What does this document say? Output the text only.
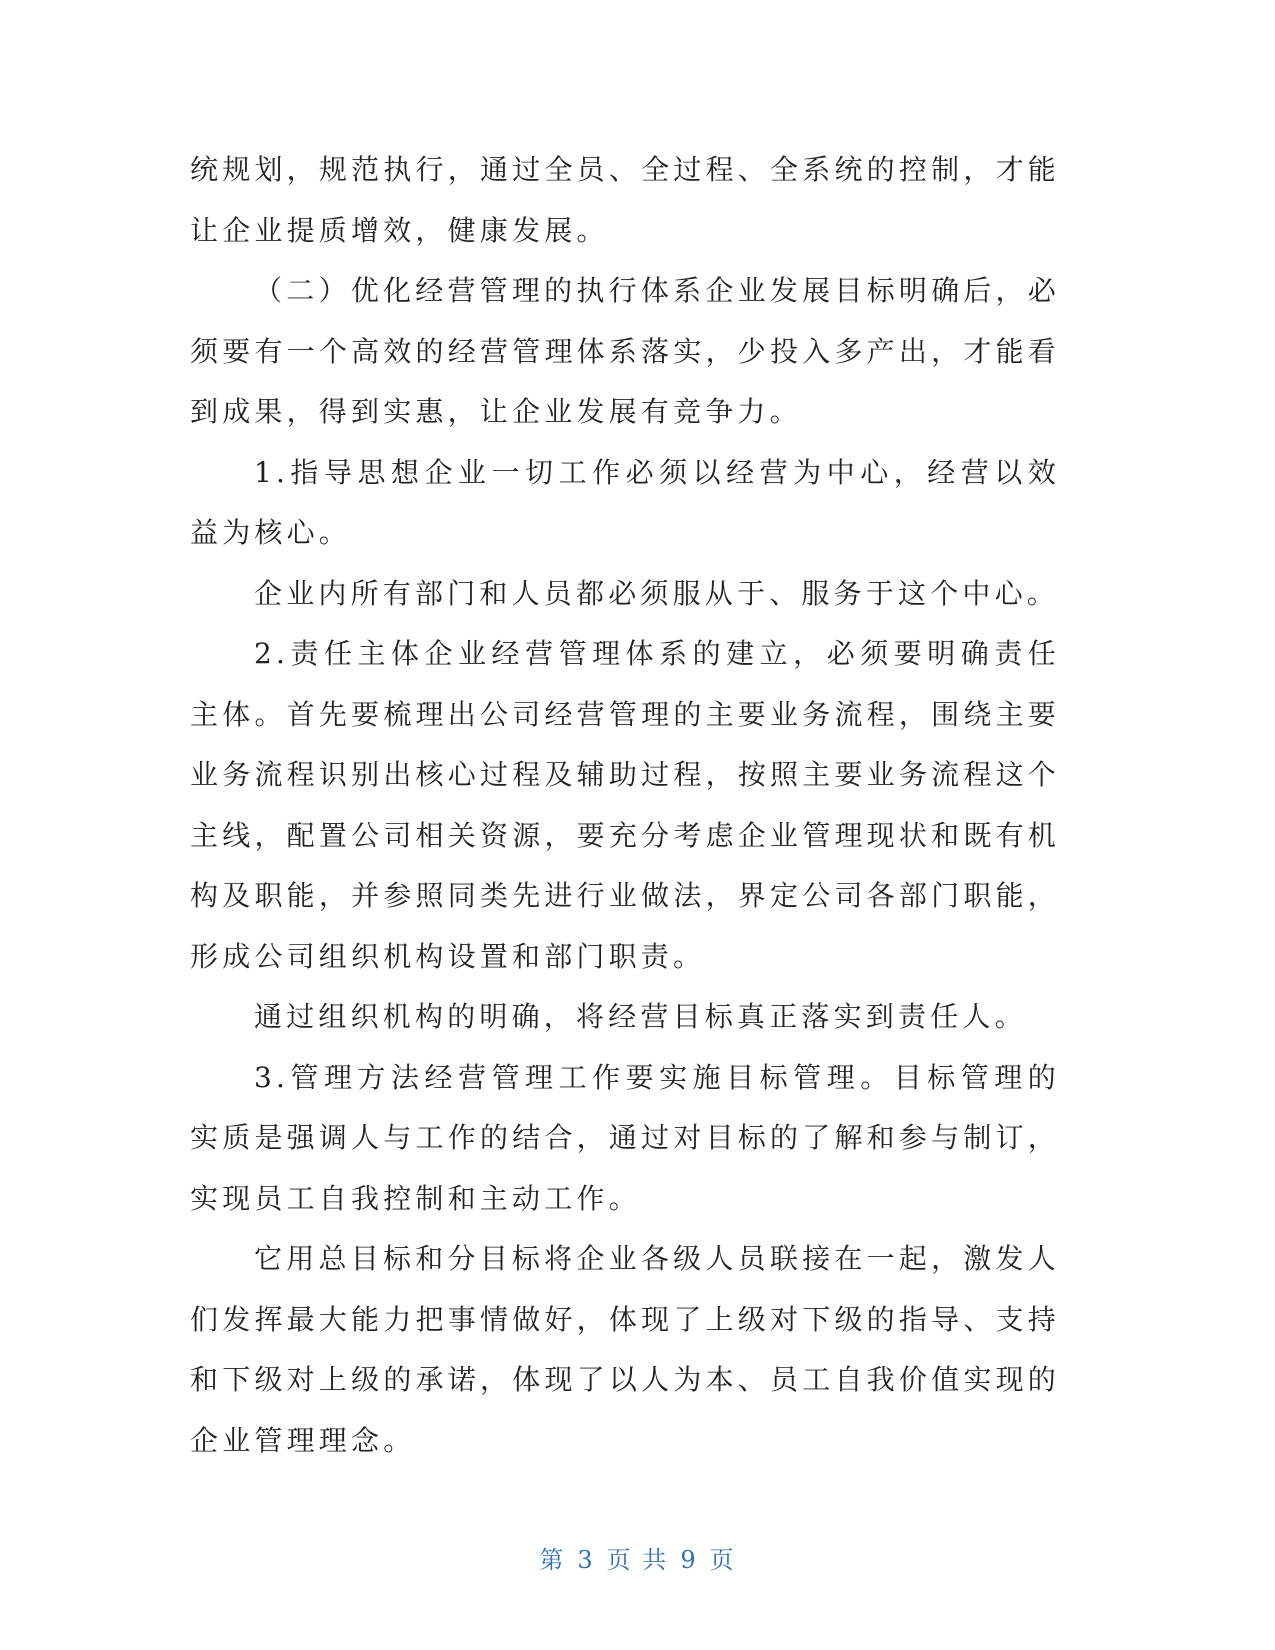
统规划，规范执行，通过全员、全过程、全系统的控制，才能让企业提质增效，健康发展。

（二）优化经营管理的执行体系企业发展目标明确后，必须要有一个高效的经营管理体系落实，少投入多产出，才能看到成果，得到实惠，让企业发展有竞争力。

1.指导思想企业一切工作必须以经营为中心，经营以效益为核心。

企业内所有部门和人员都必须服从于、服务于这个中心。

2.责任主体企业经营管理体系的建立，必须要明确责任主体。首先要梳理出公司经营管理的主要业务流程，围绕主要业务流程识别出核心过程及辅助过程，按照主要业务流程这个主线，配置公司相关资源，要充分考虑企业管理现状和既有机构及职能，并参照同类先进行业做法，界定公司各部门职能，形成公司组织机构设置和部门职责。

通过组织机构的明确，将经营目标真正落实到责任人。

3.管理方法经营管理工作要实施目标管理。目标管理的实质是强调人与工作的结合，通过对目标的了解和参与制订，实现员工自我控制和主动工作。

它用总目标和分目标将企业各级人员联接在一起，激发人们发挥最大能力把事情做好，体现了上级对下级的指导、支持和下级对上级的承诺，体现了以人为本、员工自我价值实现的企业管理理念。

第 3 页 共 9 页
